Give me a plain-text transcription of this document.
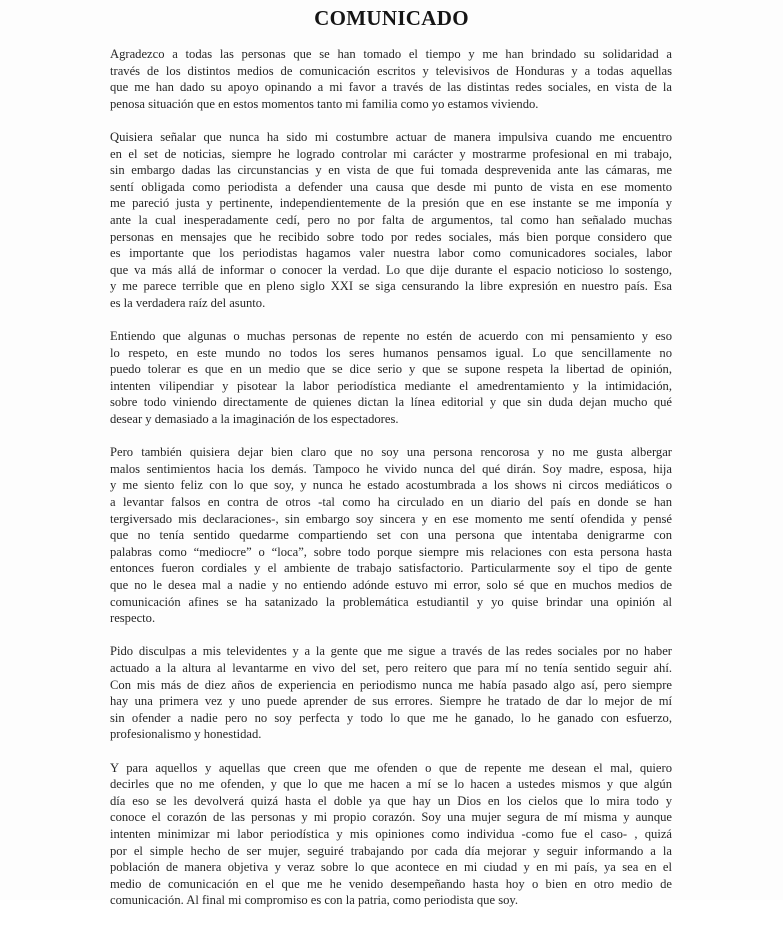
COMUNICADO

Agradezco a todas las personas que se han tomado el tiempo y me han brindado su solidaridad a
través de los distintos medios de comunicación escritos y televisivos de Honduras y a todas aquellas
que me han dado su apoyo opinando a mi favor a través de las distintas redes sociales, en vista de la
penosa situación que en estos momentos tanto mi familia como yo estamos viviendo.

Quisiera señalar que nunca ha sido mi costumbre actuar de manera impulsiva cuando me encuentro
en el set de noticias, siempre he logrado controlar mi carácter y mostrarme profesional en mi trabajo,
sin embargo dadas las circunstancias y en vista de que fui tomada desprevenida ante las cámaras, me
sentí obligada como periodista a defender una causa que desde mi punto de vista en ese momento
me pareció justa y pertinente, independientemente de la presión que en ese instante se me imponía y
ante la cual inesperadamente cedí, pero no por falta de argumentos, tal como han señalado muchas
personas en mensajes que he recibido sobre todo por redes sociales, más bien porque considero que
es importante que los periodistas hagamos valer nuestra labor como comunicadores sociales, labor
que va más allá de informar o conocer la verdad. Lo que dije durante el espacio noticioso lo sostengo,
y me parece terrible que en pleno siglo XXI se siga censurando la libre expresión en nuestro país. Esa
es la verdadera raíz del asunto.

Entiendo que algunas o muchas personas de repente no estén de acuerdo con mi pensamiento y eso
lo respeto, en este mundo no todos los seres humanos pensamos igual. Lo que sencillamente no
puedo tolerar es que en un medio que se dice serio y que se supone respeta la libertad de opinión,
intenten vilipendiar y pisotear la labor periodística mediante el amedrentamiento y la intimidación,
sobre todo viniendo directamente de quienes dictan la línea editorial y que sin duda dejan mucho qué
desear y demasiado a la imaginación de los espectadores.

Pero también quisiera dejar bien claro que no soy una persona rencorosa y no me gusta albergar
malos sentimientos hacia los demás. Tampoco he vivido nunca del qué dirán. Soy madre, esposa, hija
y me siento feliz con lo que soy, y nunca he estado acostumbrada a los shows ni circos mediáticos o
a levantar falsos en contra de otros -tal como ha circulado en un diario del país en donde se han
tergiversado mis declaraciones-, sin embargo soy sincera y en ese momento me sentí ofendida y pensé
que no tenía sentido quedarme compartiendo set con una persona que intentaba denigrarme con
palabras como “mediocre” o “loca”, sobre todo porque siempre mis relaciones con esta persona hasta
entonces fueron cordiales y el ambiente de trabajo satisfactorio. Particularmente soy el tipo de gente
que no le desea mal a nadie y no entiendo adónde estuvo mi error, solo sé que en muchos medios de
comunicación afines se ha satanizado la problemática estudiantil y yo quise brindar una opinión al
respecto.

Pido disculpas a mis televidentes y a la gente que me sigue a través de las redes sociales por no haber
actuado a la altura al levantarme en vivo del set, pero reitero que para mí no tenía sentido seguir ahí.
Con mis más de diez años de experiencia en periodismo nunca me había pasado algo así, pero siempre
hay una primera vez y uno puede aprender de sus errores. Siempre he tratado de dar lo mejor de mí
sin ofender a nadie pero no soy perfecta y todo lo que me he ganado, lo he ganado con esfuerzo,
profesionalismo y honestidad.

Y para aquellos y aquellas que creen que me ofenden o que de repente me desean el mal, quiero
decirles que no me ofenden, y que lo que me hacen a mí se lo hacen a ustedes mismos y que algún
día eso se les devolverá quizá hasta el doble ya que hay un Dios en los cielos que lo mira todo y
conoce el corazón de las personas y mi propio corazón. Soy una mujer segura de mí misma y aunque
intenten minimizar mi labor periodística y mis opiniones como individua -como fue el caso- , quizá
por el simple hecho de ser mujer, seguiré trabajando por cada día mejorar y seguir informando a la
población de manera objetiva y veraz sobre lo que acontece en mi ciudad y en mi país, ya sea en el
medio de comunicación en el que me he venido desempeñando hasta hoy o bien en otro medio de
comunicación. Al final mi compromiso es con la patria, como periodista que soy.
